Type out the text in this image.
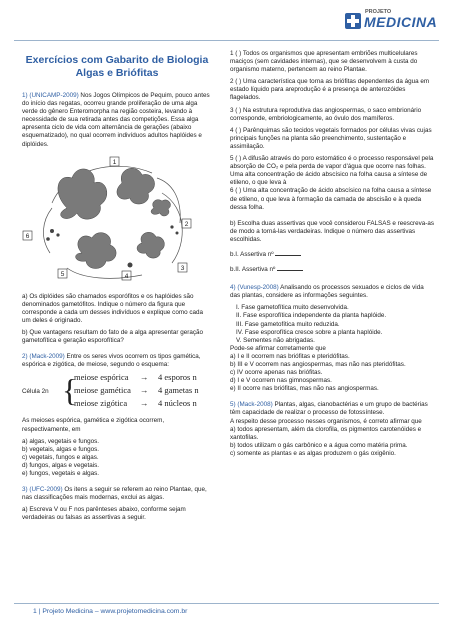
PROJETO
MEDICINA
Exercícios com Gabarito de Biologia
Algas e Briófitas

1) (UNICAMP-2009) Nos Jogos Olímpicos de Pequim, pouco antes do início das regatas, ocorreu grande proliferação de uma alga verde do gênero Enteromorpha na região costeira, levando à necessidade de sua retirada antes das competições. Essa alga apresenta ciclo de vida com alternância de gerações (abaixo esquematizado), no qual ocorrem indivíduos adultos haplóides e diplóides.

1
2
3
4
5
6

a) Os diplóides são chamados esporófitos e os haplóides são denominados gametófitos. Indique o número da figura que corresponde a cada um desses indivíduos e explique como cada um deles é originado.

b) Que vantagens resultam do fato de a alga apresentar geração gametofítica e geração esporofítica?

2) (Mack-2009) Entre os seres vivos ocorrem os tipos gamética, espórica e zigótica, de meiose, segundo o esquema:

Célula 2n {
meiose espórica → 4 esporos n
meiose gamética → 4 gametas n
meiose zigótica → 4 núcleos n

As meioses espórica, gamética e zigótica ocorrem, respectivamente, em

a) algas, vegetais e fungos.
b) vegetais, algas e fungos.
c) vegetais, fungos e algas.
d) fungos, algas e vegetais.
e) fungos, vegetais e algas.

3) (UFC-2009) Os itens a seguir se referem ao reino Plantae, que, nas classificações mais modernas, exclui as algas.

a) Escreva V ou F nos parênteses abaixo, conforme sejam verdadeiras ou falsas as assertivas a seguir.

1 ( ) Todos os organismos que apresentam embriões multicelulares maciços (sem cavidades internas), que se desenvolvem à custa do organismo materno, pertencem ao reino Plantae.

2 ( ) Uma característica que torna as briófitas dependentes da água em estado líquido para areprodução é a presença de anterozóides flagelados.

3 ( ) Na estrutura reprodutiva das angiospermas, o saco embrionário corresponde, embriologicamente, ao óvulo dos mamíferos.

4 ( ) Parênquimas são tecidos vegetais formados por células vivas cujas principais funções na planta são preenchimento, sustentação e assimilação.

5 ( ) A difusão através do poro estomático é o processo responsável pela absorção de CO₂ e pela perda de vapor d'água que ocorre nas folhas.

Uma alta concentração de ácido abscísico na folha causa a síntese de etileno, o que leva à

6 ( ) Uma alta concentração de ácido abscísico na folha causa a síntese de etileno, o que leva à formação da camada de abscisão e à queda dessa folha.

b) Escolha duas assertivas que você considerou FALSAS e reescreva-as de modo a torná-las verdadeiras. Indique o número das assertivas escolhidas.

b.I. Assertiva nº

b.II. Assertiva nº

4) (Vunesp-2008) Analisando os processos sexuados e ciclos de vida das plantas, considere as informações seguintes.

I. Fase gametofítica muito desenvolvida.
II. Fase esporofítica independente da planta haplóide.
III. Fase gametofítica muito reduzida.
IV. Fase esporofítica cresce sobre a planta haplóide.
V. Sementes não abrigadas.

Pode-se afirmar corretamente que

a) I e II ocorrem nas briófitas e pteridófitas.
b) III e V ocorrem nas angiospermas, mas não nas pteridófitas.
c) IV ocorre apenas nas briófitas.
d) I e V ocorrem nas gimnospermas.
e) II ocorre nas briófitas, mas não nas angiospermas.

5) (Mack-2008) Plantas, algas, cianobactérias e um grupo de bactérias têm capacidade de realizar o processo de fotossíntese.

A respeito desse processo nesses organismos, é correto afirmar que

a) todos apresentam, além da clorofila, os pigmentos carotenóides e xantofilas.
b) todos utilizam o gás carbônico e a água como matéria prima.
c) somente as plantas e as algas produzem o gás oxigênio.
1 | Projeto Medicina – www.projetomedicina.com.br
